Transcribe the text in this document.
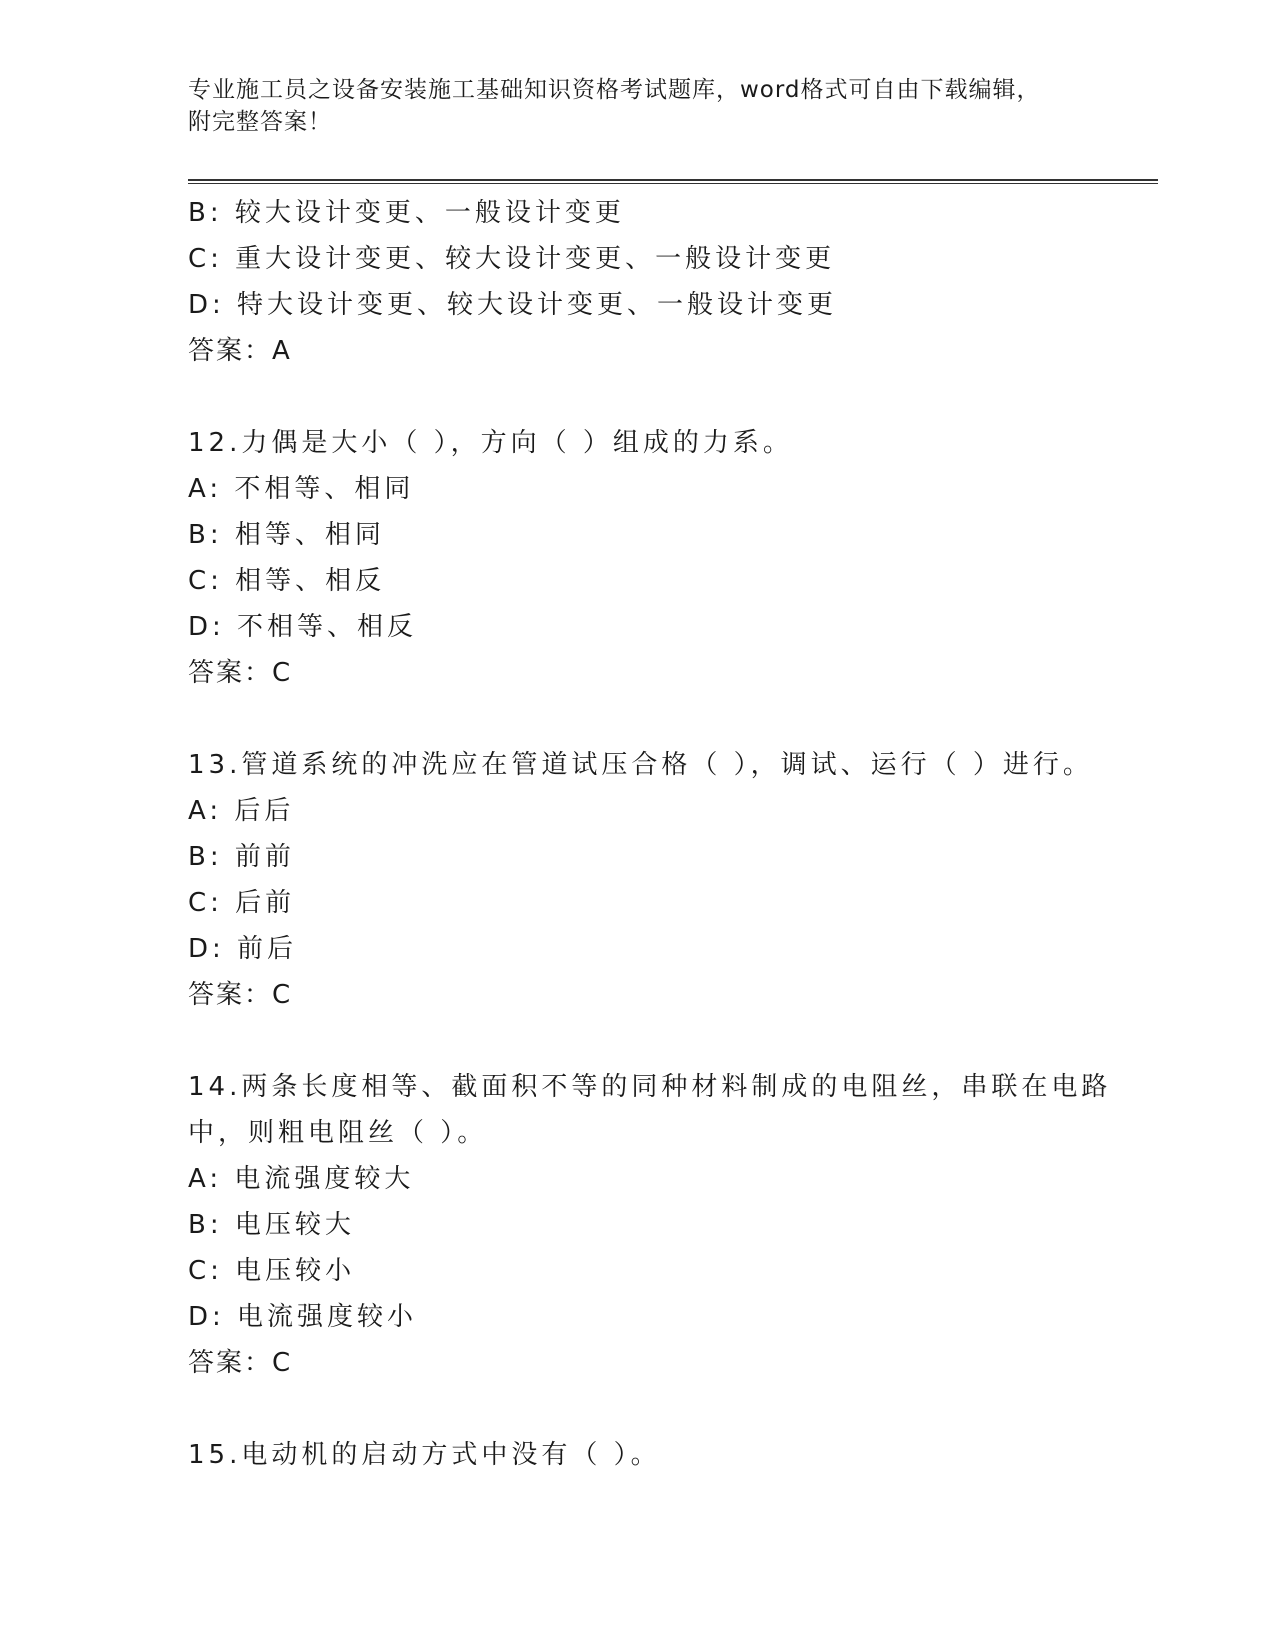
专业施工员之设备安装施工基础知识资格考试题库，word格式可自由下载编辑，
附完整答案！
B: 较大设计变更、一般设计变更
C: 重大设计变更、较大设计变更、一般设计变更
D: 特大设计变更、较大设计变更、一般设计变更
答案：A
12.力偶是大小（ ），方向（ ）组成的力系。
A: 不相等、相同
B: 相等、相同
C: 相等、相反
D: 不相等、相反
答案：C
13.管道系统的冲洗应在管道试压合格（ ），调试、运行（ ）进行。
A: 后后
B: 前前
C: 后前
D: 前后
答案：C
14.两条长度相等、截面积不等的同种材料制成的电阻丝，串联在电路
中，则粗电阻丝（ ）。
A: 电流强度较大
B: 电压较大
C: 电压较小
D: 电流强度较小
答案：C
15.电动机的启动方式中没有（ ）。
